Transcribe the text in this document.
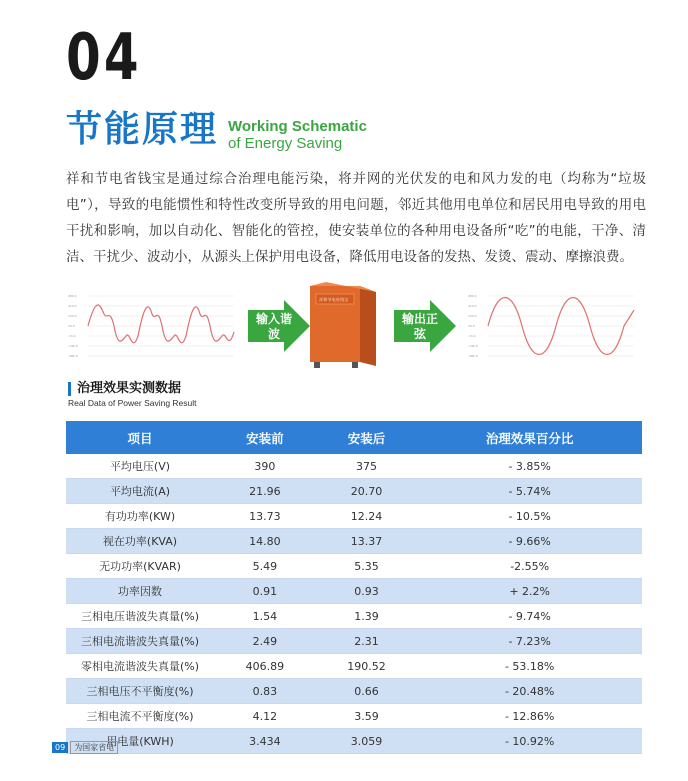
04
节能原理 Working Schematic
of Energy Saving
祥和节电省钱宝是通过综合治理电能污染，将并网的光伏发的电和风力发的电（均称为“垃圾电”），导致的电能惯性和特性改变所导致的用电问题，邻近其他用电单位和居民用电导致的用电干扰和影响，加以自动化、智能化的管控，使安装单位的各种用电设备所“吃”的电能，干净、清洁、干扰少、波动小，从源头上保护用电设备，降低用电设备的发热、发烫、震动、摩擦浪费。
280.0
210.0
140.0
70.0
-70.0
-140.0
-280.0
输入谐波
祥和节电省钱宝
输出正弦
280.0
210.0
140.0
70.0
-70.0
-140.0
-280.0
治理效果实测数据
Real Data of Power Saving Result
项目	安装前	安装后	治理效果百分比
平均电压(V)	390	375	- 3.85%
平均电流(A)	21.96	20.70	- 5.74%
有功功率(KW)	13.73	12.24	- 10.5%
视在功率(KVA)	14.80	13.37	- 9.66%
无功功率(KVAR)	5.49	5.35	-2.55%
功率因数	0.91	0.93	+ 2.2%
三相电压谐波失真量(%)	1.54	1.39	- 9.74%
三相电流谐波失真量(%)	2.49	2.31	- 7.23%
零相电流谐波失真量(%)	406.89	190.52	- 53.18%
三相电压不平衡度(%)	0.83	0.66	- 20.48%
三相电流不平衡度(%)	4.12	3.59	- 12.86%
用电量(KWH)	3.434	3.059	- 10.92%
09	为国家省电
